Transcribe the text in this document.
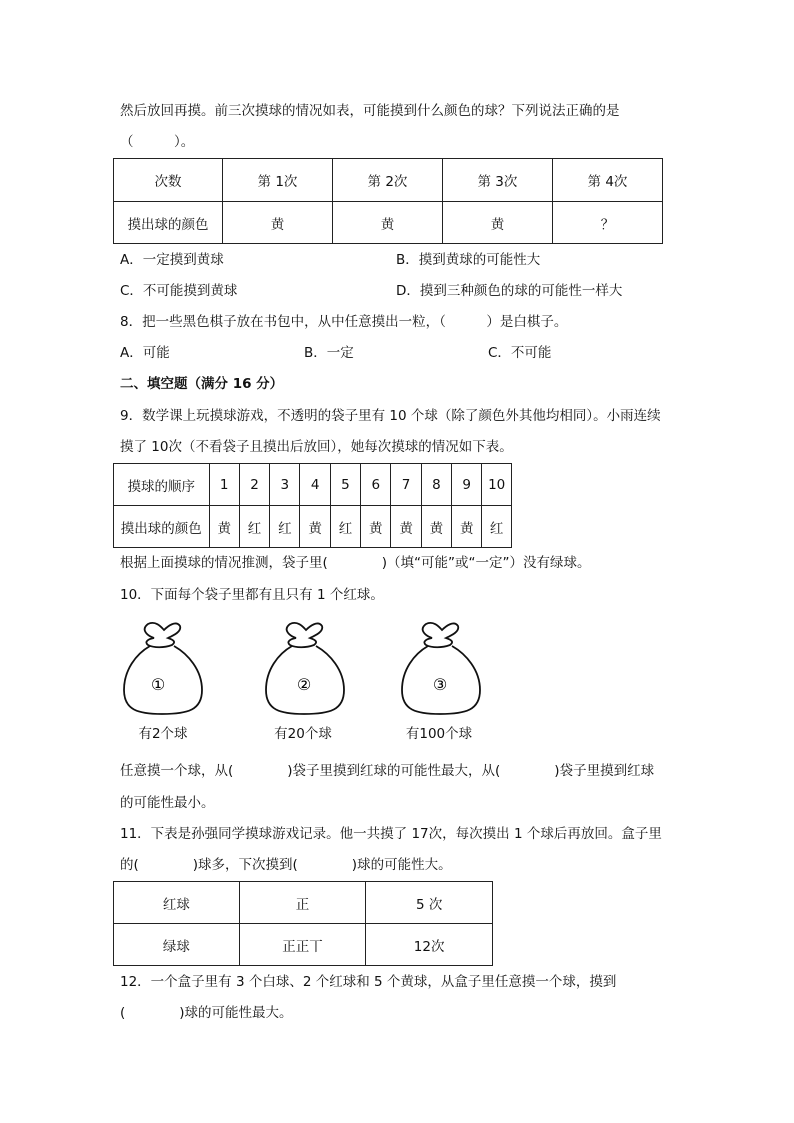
然后放回再摸。前三次摸球的情况如表，可能摸到什么颜色的球？下列说法正确的是
（　　　）。
次数	第 1次	第 2次	第 3次	第 4次
摸出球的颜色	黄	黄	黄	？
A．一定摸到黄球	B．摸到黄球的可能性大
C．不可能摸到黄球	D．摸到三种颜色的球的可能性一样大
8．把一些黑色棋子放在书包中，从中任意摸出一粒，（　　　）是白棋子。
A．可能	B．一定	C．不可能
二、填空题（满分 16 分）
9．数学课上玩摸球游戏，不透明的袋子里有 10 个球（除了颜色外其他均相同）。小雨连续
摸了 10次（不看袋子且摸出后放回），她每次摸球的情况如下表。
摸球的顺序	1	2	3	4	5	6	7	8	9	10
摸出球的颜色	黄	红	红	黄	红	黄	黄	黄	黄	红
根据上面摸球的情况推测，袋子里(　　　　)（填“可能”或“一定”）没有绿球。
10．下面每个袋子里都有且只有 1 个红球。
①
有2个球
②
有20个球
③
有100个球
任意摸一个球，从(　　　　)袋子里摸到红球的可能性最大，从(　　　　)袋子里摸到红球
的可能性最小。
11．下表是孙强同学摸球游戏记录。他一共摸了 17次，每次摸出 1 个球后再放回。盒子里
的(　　　　)球多，下次摸到(　　　　)球的可能性大。
红球	正	5 次
绿球	正正丅	12次
12．一个盒子里有 3 个白球、2 个红球和 5 个黄球，从盒子里任意摸一个球，摸到
(　　　　)球的可能性最大。
